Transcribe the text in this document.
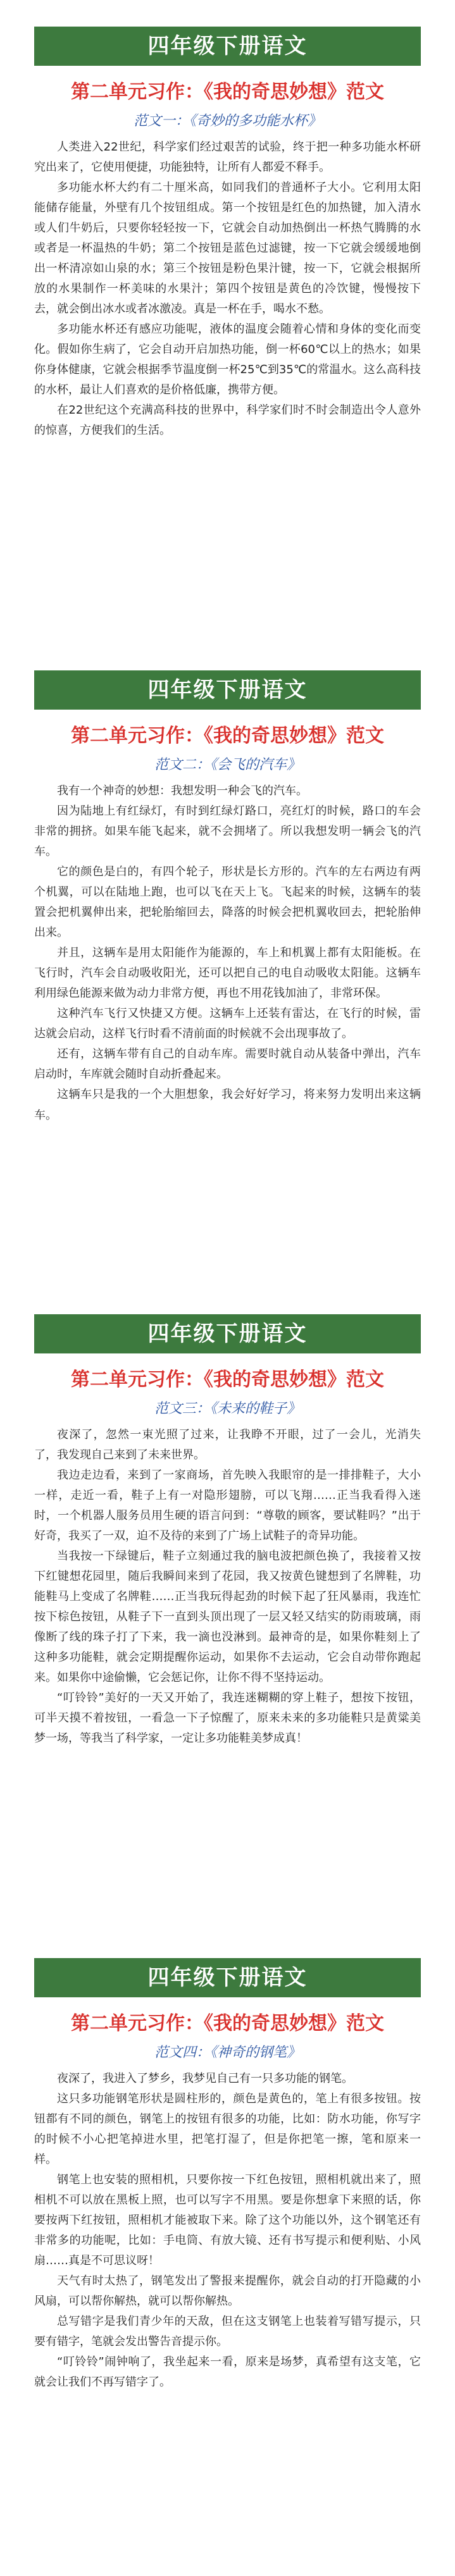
四年级下册语文
第二单元习作：《我的奇思妙想》范文
范文一：《奇妙的多功能水杯》

人类进入22世纪，科学家们经过艰苦的试验，终于把一种多功能水杯研究出来了，它使用便捷，功能独特，让所有人都爱不释手。

多功能水杯大约有二十厘米高，如同我们的普通杯子大小。它利用太阳能储存能量，外壁有几个按钮组成。第一个按钮是红色的加热键，加入清水或人们牛奶后，只要你轻轻按一下，它就会自动加热倒出一杯热气腾腾的水或者是一杯温热的牛奶；第二个按钮是蓝色过滤键，按一下它就会缓缓地倒出一杯清凉如山泉的水；第三个按钮是粉色果汁键，按一下，它就会根据所放的水果制作一杯美味的水果汁；第四个按钮是黄色的冷饮键，慢慢按下去，就会倒出冰水或者冰激凌。真是一杯在手，喝水不愁。

多功能水杯还有感应功能呢，液体的温度会随着心情和身体的变化而变化。假如你生病了，它会自动开启加热功能，倒一杯60℃以上的热水；如果你身体健康，它就会根据季节温度倒一杯25℃到35℃的常温水。这么高科技的水杯，最让人们喜欢的是价格低廉，携带方便。

在22世纪这个充满高科技的世界中，科学家们时不时会制造出令人意外的惊喜，方便我们的生活。

四年级下册语文
第二单元习作：《我的奇思妙想》范文
范文二：《会飞的汽车》

我有一个神奇的妙想：我想发明一种会飞的汽车。

因为陆地上有红绿灯，有时到红绿灯路口，亮红灯的时候，路口的车会非常的拥挤。如果车能飞起来，就不会拥堵了。所以我想发明一辆会飞的汽车。

它的颜色是白的，有四个轮子，形状是长方形的。汽车的左右两边有两个机翼，可以在陆地上跑，也可以飞在天上飞。飞起来的时候，这辆车的装置会把机翼伸出来，把轮胎缩回去，降落的时候会把机翼收回去，把轮胎伸出来。

并且，这辆车是用太阳能作为能源的，车上和机翼上都有太阳能板。在飞行时，汽车会自动吸收阳光，还可以把自己的电自动吸收太阳能。这辆车利用绿色能源来做为动力非常方便，再也不用花钱加油了，非常环保。

这种汽车飞行又快捷又方便。这辆车上还装有雷达，在飞行的时候，雷达就会启动，这样飞行时看不清前面的时候就不会出现事故了。

还有，这辆车带有自己的自动车库。需要时就自动从装备中弹出，汽车启动时，车库就会随时自动折叠起来。

这辆车只是我的一个大胆想象，我会好好学习，将来努力发明出来这辆车。

四年级下册语文
第二单元习作：《我的奇思妙想》范文
范文三：《未来的鞋子》

夜深了，忽然一束光照了过来，让我睁不开眼，过了一会儿，光消失了，我发现自己来到了未来世界。

我边走边看，来到了一家商场，首先映入我眼帘的是一排排鞋子，大小一样，走近一看，鞋子上有一对隐形翅膀，可以飞翔……正当我看得入迷时，一个机器人服务员用生硬的语言问到：“尊敬的顾客，要试鞋吗？”出于好奇，我买了一双，迫不及待的来到了广场上试鞋子的奇异功能。

当我按一下绿键后，鞋子立刻通过我的脑电波把颜色换了，我接着又按下红键想花园里，随后我瞬间来到了花园，我又按黄色键想到了名牌鞋，功能鞋马上变成了名牌鞋……正当我玩得起劲的时候下起了狂风暴雨，我连忙按下棕色按钮，从鞋子下一直到头顶出现了一层又轻又结实的防雨玻璃，雨像断了线的珠子打了下来，我一滴也没淋到。最神奇的是，如果你鞋刻上了这种多功能鞋，就会定期提醒你运动，如果你不去运动，它会自动带你跑起来。如果你中途偷懒，它会惩记你，让你不得不坚持运动。

“叮铃铃”美好的一天又开始了，我连迷糊糊的穿上鞋子，想按下按钮，可半天摸不着按钮，一看急一下子惊醒了，原来未来的多功能鞋只是黄粱美梦一场，等我当了科学家，一定让多功能鞋美梦成真！

四年级下册语文
第二单元习作：《我的奇思妙想》范文
范文四：《神奇的钢笔》

夜深了，我进入了梦乡，我梦见自己有一只多功能的钢笔。

这只多功能钢笔形状是圆柱形的，颜色是黄色的，笔上有很多按钮。按钮都有不同的颜色，钢笔上的按钮有很多的功能，比如：防水功能，你写字的时候不小心把笔掉进水里，把笔打湿了，但是你把笔一擦，笔和原来一样。

钢笔上也安装的照相机，只要你按一下红色按钮，照相机就出来了，照相机不可以放在黑板上照，也可以写字不用黑。要是你想拿下来照的话，你要按两下红按钮，照相机才能被取下来。除了这个功能以外，这个钢笔还有非常多的功能呢，比如：手电筒、有放大镜、还有书写提示和便利贴、小风扇……真是不可思议呀！

天气有时太热了，钢笔发出了警报来提醒你，就会自动的打开隐藏的小风扇，可以帮你解热，就可以帮你解热。

总写错字是我们青少年的天敌，但在这支钢笔上也装着写错写提示，只要有错字，笔就会发出警告音提示你。

“叮铃铃”闹钟响了，我坐起来一看，原来是场梦，真希望有这支笔，它就会让我们不再写错字了。
